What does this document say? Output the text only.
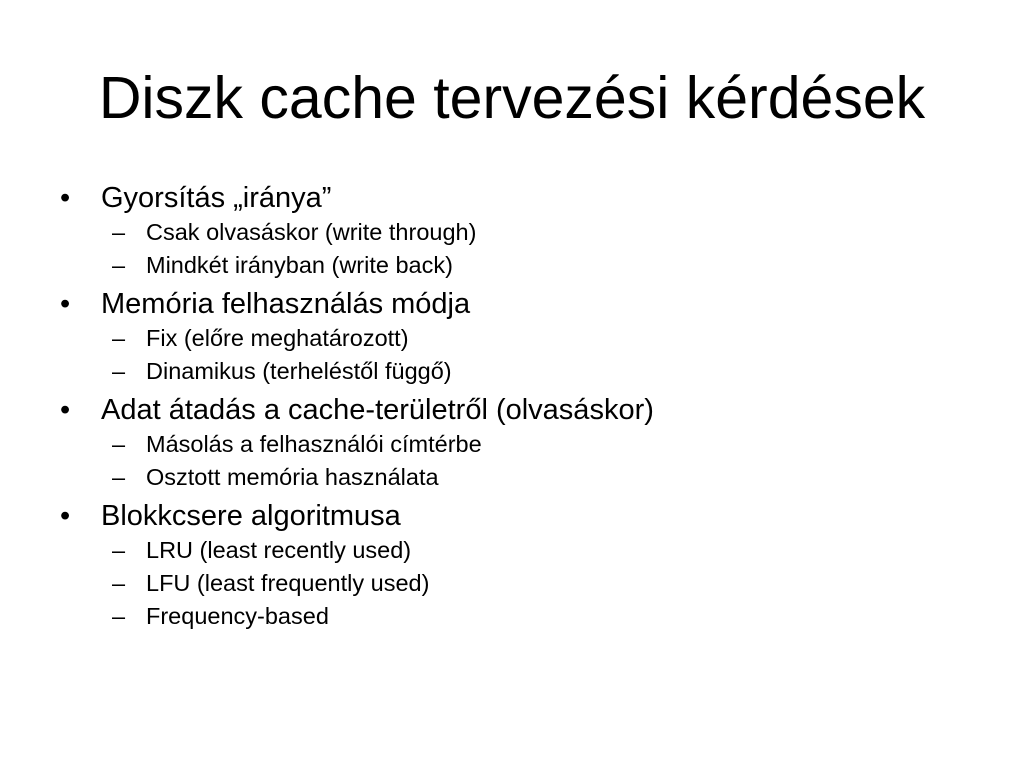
Diszk cache tervezési kérdések
• Gyorsítás „iránya”
– Csak olvasáskor (write through)
– Mindkét irányban (write back)
• Memória felhasználás módja
– Fix (előre meghatározott)
– Dinamikus (terheléstől függő)
• Adat átadás a cache-területről (olvasáskor)
– Másolás a felhasználói címtérbe
– Osztott memória használata
• Blokkcsere algoritmusa
– LRU (least recently used)
– LFU (least frequently used)
– Frequency-based
